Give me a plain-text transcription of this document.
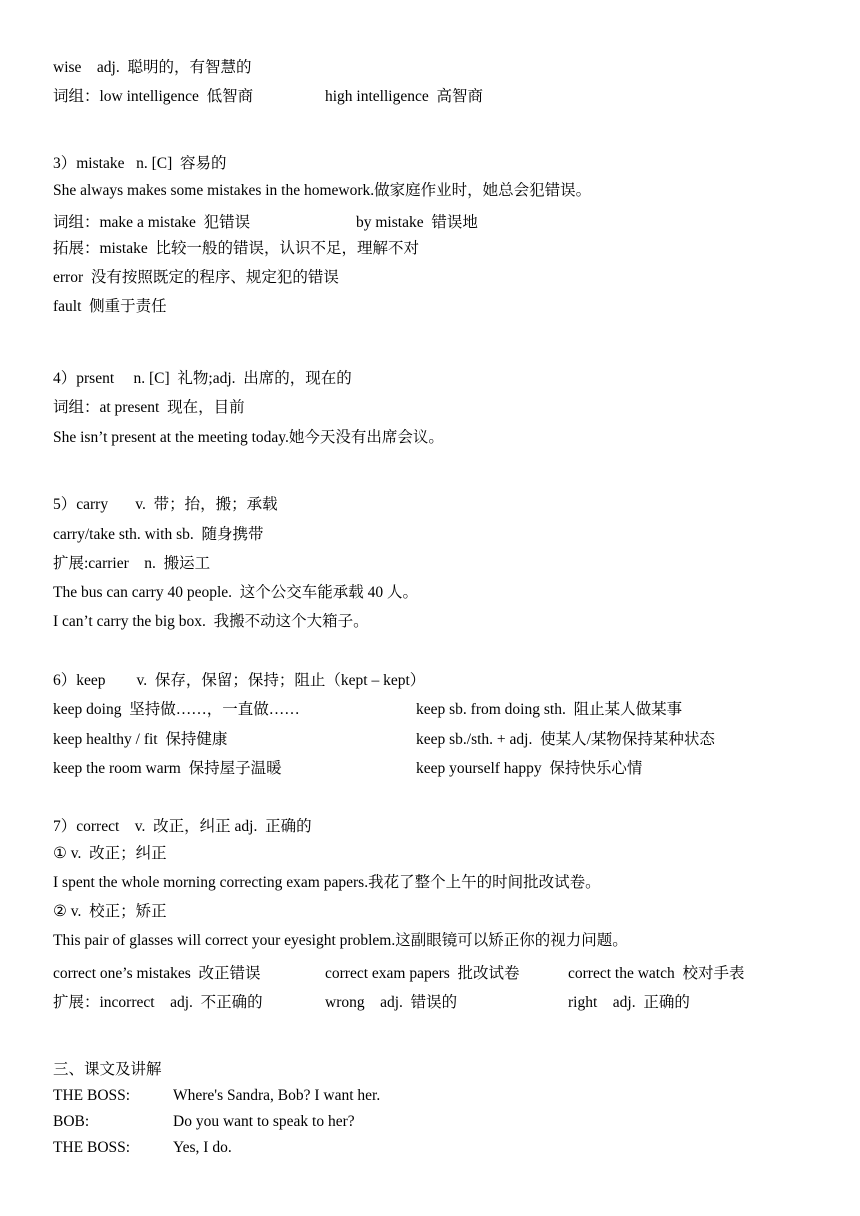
wise    adj.  聪明的，有智慧的
词组：low intelligence  低智商	high intelligence  高智商
3）mistake   n. [C]  容易的
She always makes some mistakes in the homework.做家庭作业时，她总会犯错误。
词组：make a mistake  犯错误	by mistake  错误地
拓展：mistake  比较一般的错误，认识不足，理解不对
error  没有按照既定的程序、规定犯的错误
fault  侧重于责任
4）prsent     n. [C]  礼物;adj.  出席的，现在的
词组：at present  现在，目前
She isn’t present at the meeting today.她今天没有出席会议。
5）carry       v.  带；抬，搬；承载
carry/take sth. with sb.  随身携带
扩展:carrier    n.  搬运工
The bus can carry 40 people.  这个公交车能承载 40 人。
I can’t carry the big box.  我搬不动这个大箱子。
6）keep        v.  保存，保留；保持；阻止（kept – kept）
keep doing  坚持做……，一直做……	keep sb. from doing sth.  阻止某人做某事
keep healthy / fit  保持健康	keep sb./sth. + adj.  使某人/某物保持某种状态
keep the room warm  保持屋子温暖	keep yourself happy  保持快乐心情
7）correct    v.  改正，纠正 adj.  正确的
① v.  改正；纠正
I spent the whole morning correcting exam papers.我花了整个上午的时间批改试卷。
② v.  校正；矫正
This pair of glasses will correct your eyesight problem.这副眼镜可以矫正你的视力问题。
correct one’s mistakes  改正错误	correct exam papers  批改试卷	correct the watch  校对手表
扩展：incorrect    adj.  不正确的	wrong    adj.  错误的	right    adj.  正确的
三、课文及讲解
THE BOSS:	Where's Sandra, Bob? I want her.
BOB:	Do you want to speak to her?
THE BOSS:	Yes, I do.
